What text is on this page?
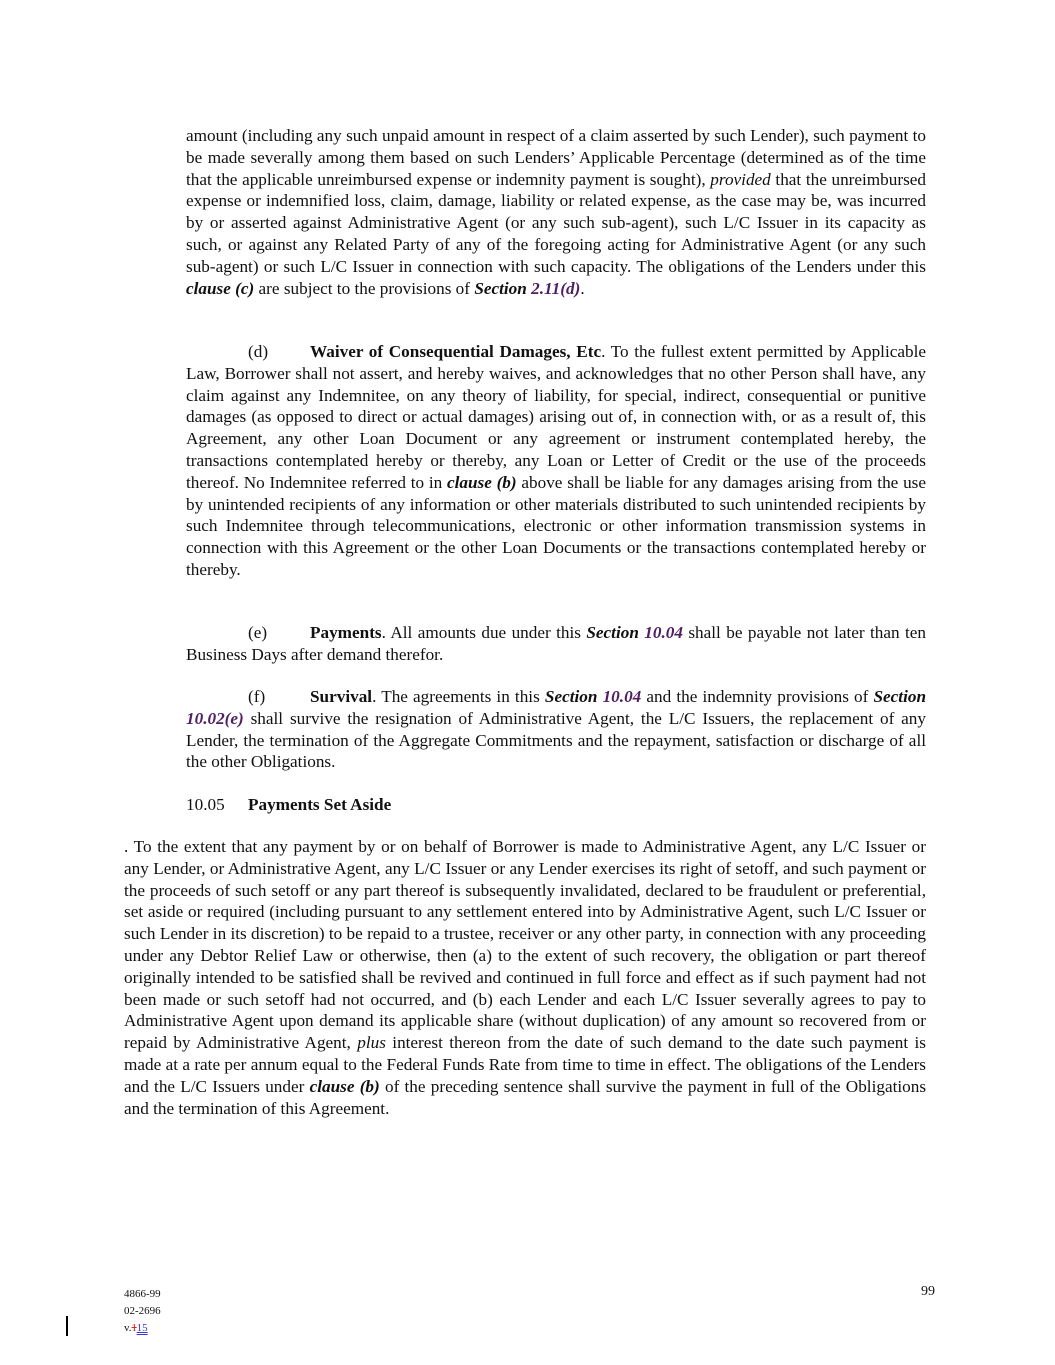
amount (including any such unpaid amount in respect of a claim asserted by such Lender), such payment to be made severally among them based on such Lenders’ Applicable Percentage (determined as of the time that the applicable unreimbursed expense or indemnity payment is sought), provided that the unreimbursed expense or indemnified loss, claim, damage, liability or related expense, as the case may be, was incurred by or asserted against Administrative Agent (or any such sub-agent), such L/C Issuer in its capacity as such, or against any Related Party of any of the foregoing acting for Administrative Agent (or any such sub-agent) or such L/C Issuer in connection with such capacity. The obligations of the Lenders under this clause (c) are subject to the provisions of Section 2.11(d).
(d) Waiver of Consequential Damages, Etc. To the fullest extent permitted by Applicable Law, Borrower shall not assert, and hereby waives, and acknowledges that no other Person shall have, any claim against any Indemnitee, on any theory of liability, for special, indirect, consequential or punitive damages (as opposed to direct or actual damages) arising out of, in connection with, or as a result of, this Agreement, any other Loan Document or any agreement or instrument contemplated hereby, the transactions contemplated hereby or thereby, any Loan or Letter of Credit or the use of the proceeds thereof. No Indemnitee referred to in clause (b) above shall be liable for any damages arising from the use by unintended recipients of any information or other materials distributed to such unintended recipients by such Indemnitee through telecommunications, electronic or other information transmission systems in connection with this Agreement or the other Loan Documents or the transactions contemplated hereby or thereby.
(e) Payments. All amounts due under this Section 10.04 shall be payable not later than ten Business Days after demand therefor.
(f)	Survival. The agreements in this Section 10.04 and the indemnity provisions of Section 10.02(e) shall survive the resignation of Administrative Agent, the L/C Issuers, the replacement of any Lender, the termination of the Aggregate Commitments and the repayment, satisfaction or discharge of all the other Obligations.
10.05 Payments Set Aside
. To the extent that any payment by or on behalf of Borrower is made to Administrative Agent, any L/C Issuer or any Lender, or Administrative Agent, any L/C Issuer or any Lender exercises its right of setoff, and such payment or the proceeds of such setoff or any part thereof is subsequently invalidated, declared to be fraudulent or preferential, set aside or required (including pursuant to any settlement entered into by Administrative Agent, such L/C Issuer or such Lender in its discretion) to be repaid to a trustee, receiver or any other party, in connection with any proceeding under any Debtor Relief Law or otherwise, then (a) to the extent of such recovery, the obligation or part thereof originally intended to be satisfied shall be revived and continued in full force and effect as if such payment had not been made or such setoff had not occurred, and (b) each Lender and each L/C Issuer severally agrees to pay to Administrative Agent upon demand its applicable share (without duplication) of any amount so recovered from or repaid by Administrative Agent, plus interest thereon from the date of such demand to the date such payment is made at a rate per annum equal to the Federal Funds Rate from time to time in effect. The obligations of the Lenders and the L/C Issuers under clause (b) of the preceding sentence shall survive the payment in full of the Obligations and the termination of this Agreement.
4866-99
02-2696
v.115
99
